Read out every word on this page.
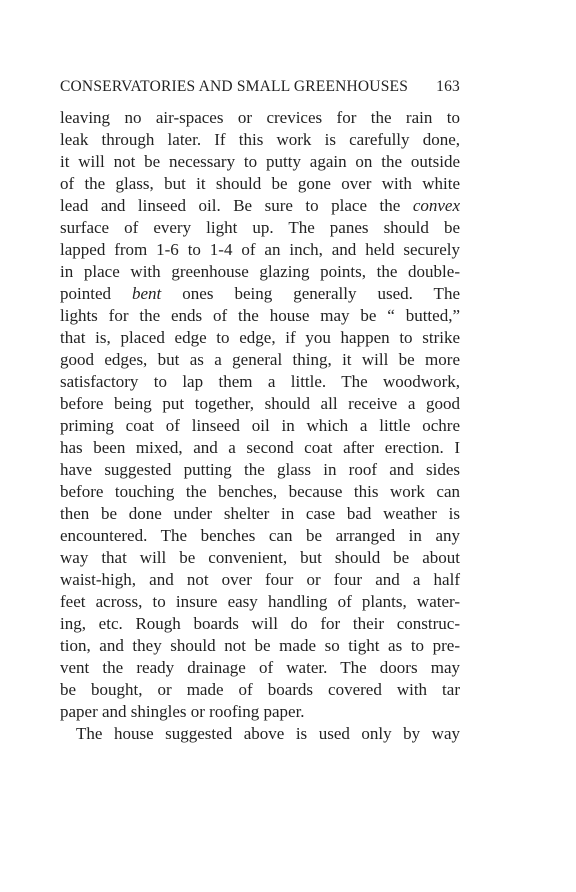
CONSERVATORIES AND SMALL GREENHOUSES 163
leaving no air-spaces or crevices for the rain to
leak through later. If this work is carefully done,
it will not be necessary to putty again on the outside
of the glass, but it should be gone over with white
lead and linseed oil. Be sure to place the convex
surface of every light up. The panes should be
lapped from 1-6 to 1-4 of an inch, and held securely
in place with greenhouse glazing points, the double-
pointed bent ones being generally used. The
lights for the ends of the house may be “ butted,”
that is, placed edge to edge, if you happen to strike
good edges, but as a general thing, it will be more
satisfactory to lap them a little. The woodwork,
before being put together, should all receive a good
priming coat of linseed oil in which a little ochre
has been mixed, and a second coat after erection. I
have suggested putting the glass in roof and sides
before touching the benches, because this work can
then be done under shelter in case bad weather is
encountered. The benches can be arranged in any
way that will be convenient, but should be about
waist-high, and not over four or four and a half
feet across, to insure easy handling of plants, water-
ing, etc. Rough boards will do for their construc-
tion, and they should not be made so tight as to pre-
vent the ready drainage of water. The doors may
be bought, or made of boards covered with tar
paper and shingles or roofing paper.
The house suggested above is used only by way
